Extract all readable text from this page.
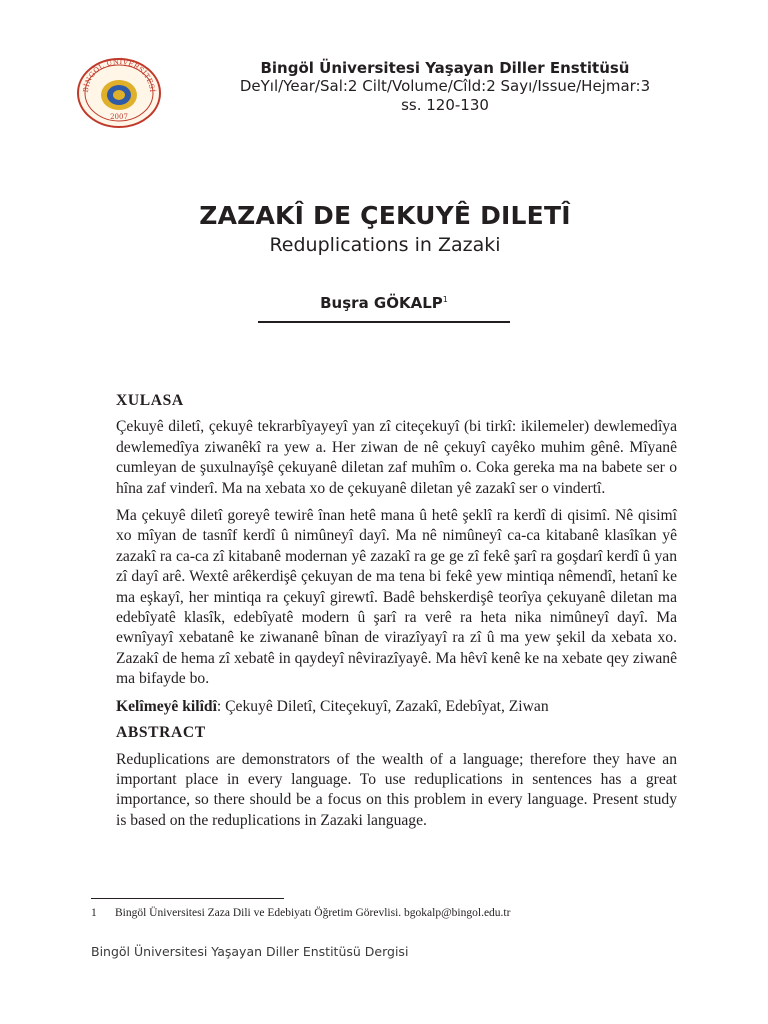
BİNGÖL ÜNİVERSİTESİ
2007
Bingöl Üniversitesi Yaşayan Diller Enstitüsü
DeYıl/Year/Sal:2 Cilt/Volume/Cîld:2 Sayı/Issue/Hejmar:3
ss. 120-130
ZAZAKÎ DE ÇEKUYÊ DILETÎ
Reduplications in Zazaki
Buşra GÖKALP$^1$
XULASA

Çekuyê diletî, çekuyê tekrarbîyayeyî yan zî citeçekuyî (bi tirkî: ikilemeler) dewlemedîya dewlemedîya ziwanêkî ra yew a. Her ziwan de nê çekuyî cayêko muhim gênê. Mîyanê cumleyan de şuxulnayîşê çekuyanê diletan zaf muhîm o. Coka gereka ma na babete ser o hîna zaf vinderî. Ma na xebata xo de çekuyanê diletan yê zazakî ser o vindertî.

Ma çekuyê diletî goreyê tewirê înan hetê mana û hetê şeklî ra kerdî di qisimî. Nê qisimî xo mîyan de tasnîf kerdî û nimûneyî dayî. Ma nê nimûneyî ca-ca kitabanê klasîkan yê zazakî ra ca-ca zî kitabanê modernan yê zazakî ra ge ge zî fekê şarî ra goşdarî kerdî û yan zî dayî arê. Wextê arêkerdişê çekuyan de ma tena bi fekê yew mintiqa nêmendî, hetanî ke ma eşkayî, her mintiqa ra çekuyî girewtî. Badê behskerdişê teorîya çekuyanê diletan ma edebîyatê klasîk, edebîyatê modern û şarî ra verê ra heta nika nimûneyî dayî. Ma ewnîyayî xebatanê ke ziwananê bînan de virazîyayî ra zî û ma yew şekil da xebata xo. Zazakî de hema zî xebatê in qaydeyî nêvirazîyayê. Ma hêvî kenê ke na xebate qey ziwanê ma bifayde bo.

Kelîmeyê kilîdî: Çekuyê Diletî, Citeçekuyî, Zazakî, Edebîyat, Ziwan

ABSTRACT

Reduplications are demonstrators of the wealth of a language; therefore they have an important place in every language. To use reduplications in sentences has a great importance, so there should be a focus on this problem in every language. Present study is based on the reduplications in Zazaki language.

1 Bingöl Üniversitesi Zaza Dili ve Edebiyatı Öğretim Görevlisi. bgokalp@bingol.edu.tr
Bingöl Üniversitesi Yaşayan Diller Enstitüsü Dergisi
